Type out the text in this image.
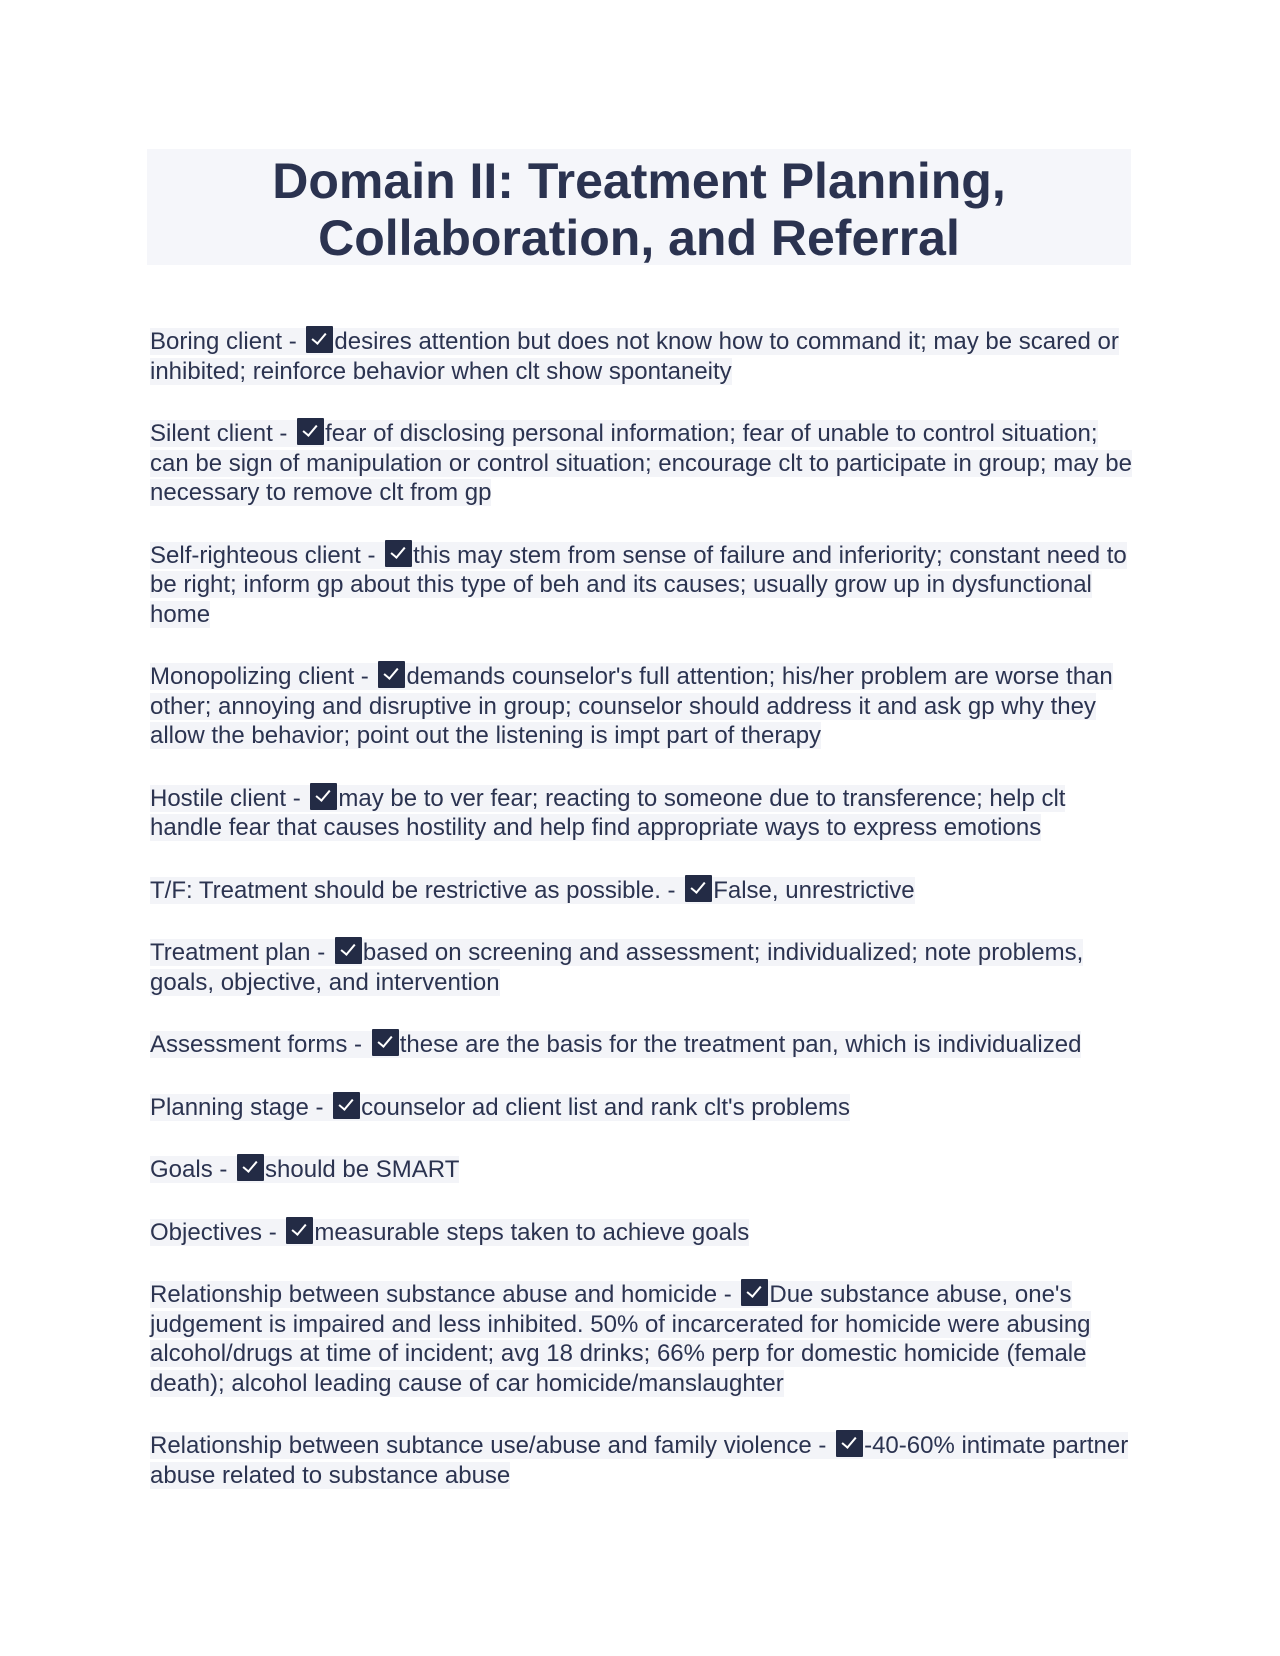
Domain II: Treatment Planning,
Collaboration, and Referral
Boring client - desires attention but does not know how to command it; may be scared or inhibited; reinforce behavior when clt show spontaneity
Silent client - fear of disclosing personal information; fear of unable to control situation; can be sign of manipulation or control situation; encourage clt to participate in group; may be necessary to remove clt from gp
Self-righteous client - this may stem from sense of failure and inferiority; constant need to be right; inform gp about this type of beh and its causes; usually grow up in dysfunctional home
Monopolizing client - demands counselor's full attention; his/her problem are worse than other; annoying and disruptive in group; counselor should address it and ask gp why they allow the behavior; point out the listening is impt part of therapy
Hostile client - may be to ver fear; reacting to someone due to transference; help clt handle fear that causes hostility and help find appropriate ways to express emotions
T/F: Treatment should be restrictive as possible. - False, unrestrictive
Treatment plan - based on screening and assessment; individualized; note problems, goals, objective, and intervention
Assessment forms - these are the basis for the treatment pan, which is individualized
Planning stage - counselor ad client list and rank clt's problems
Goals - should be SMART
Objectives - measurable steps taken to achieve goals
Relationship between substance abuse and homicide - Due substance abuse, one's judgement is impaired and less inhibited. 50% of incarcerated for homicide were abusing alcohol/drugs at time of incident; avg 18 drinks; 66% perp for domestic homicide (female death); alcohol leading cause of car homicide/manslaughter
Relationship between subtance use/abuse and family violence - -40-60% intimate partner abuse related to substance abuse
